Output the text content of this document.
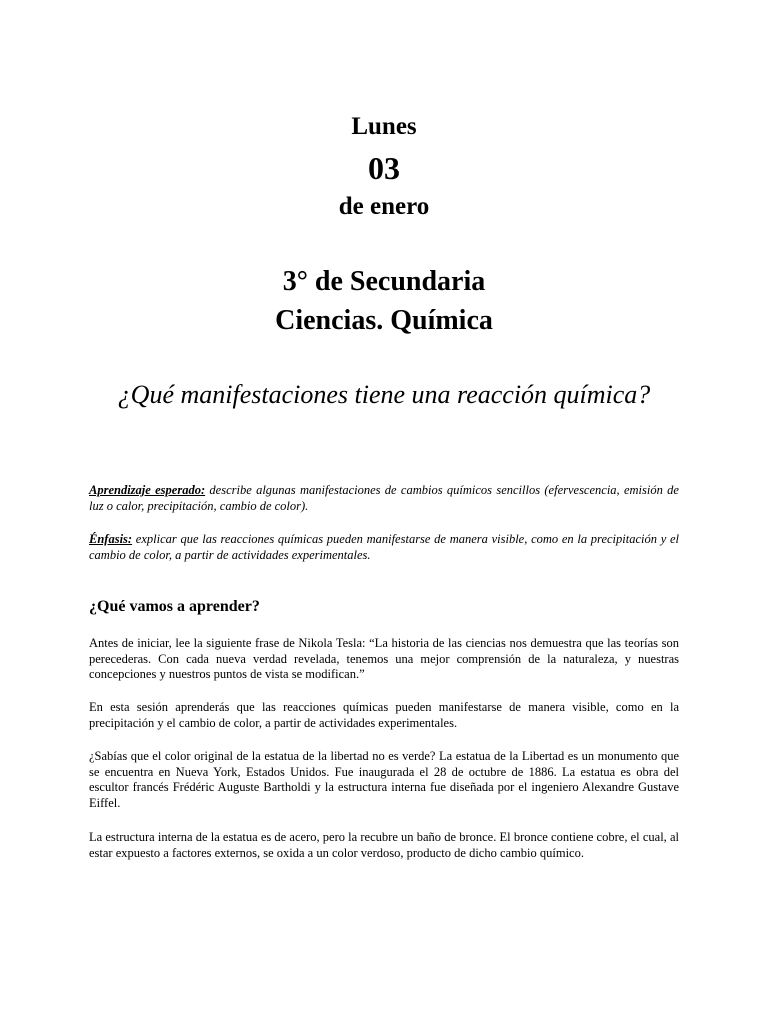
Lunes
03
de enero
3° de Secundaria
Ciencias. Química
¿Qué manifestaciones tiene una reacción química?
Aprendizaje esperado: describe algunas manifestaciones de cambios químicos sencillos (efervescencia, emisión de luz o calor, precipitación, cambio de color).
Énfasis: explicar que las reacciones químicas pueden manifestarse de manera visible, como en la precipitación y el cambio de color, a partir de actividades experimentales.
¿Qué vamos a aprender?
Antes de iniciar, lee la siguiente frase de Nikola Tesla: “La historia de las ciencias nos demuestra que las teorías son perecederas. Con cada nueva verdad revelada, tenemos una mejor comprensión de la naturaleza, y nuestras concepciones y nuestros puntos de vista se modifican.”
En esta sesión aprenderás que las reacciones químicas pueden manifestarse de manera visible, como en la precipitación y el cambio de color, a partir de actividades experimentales.
¿Sabías que el color original de la estatua de la libertad no es verde? La estatua de la Libertad es un monumento que se encuentra en Nueva York, Estados Unidos. Fue inaugurada el 28 de octubre de 1886. La estatua es obra del escultor francés Frédéric Auguste Bartholdi y la estructura interna fue diseñada por el ingeniero Alexandre Gustave Eiffel.
La estructura interna de la estatua es de acero, pero la recubre un baño de bronce. El bronce contiene cobre, el cual, al estar expuesto a factores externos, se oxida a un color verdoso, producto de dicho cambio químico.
